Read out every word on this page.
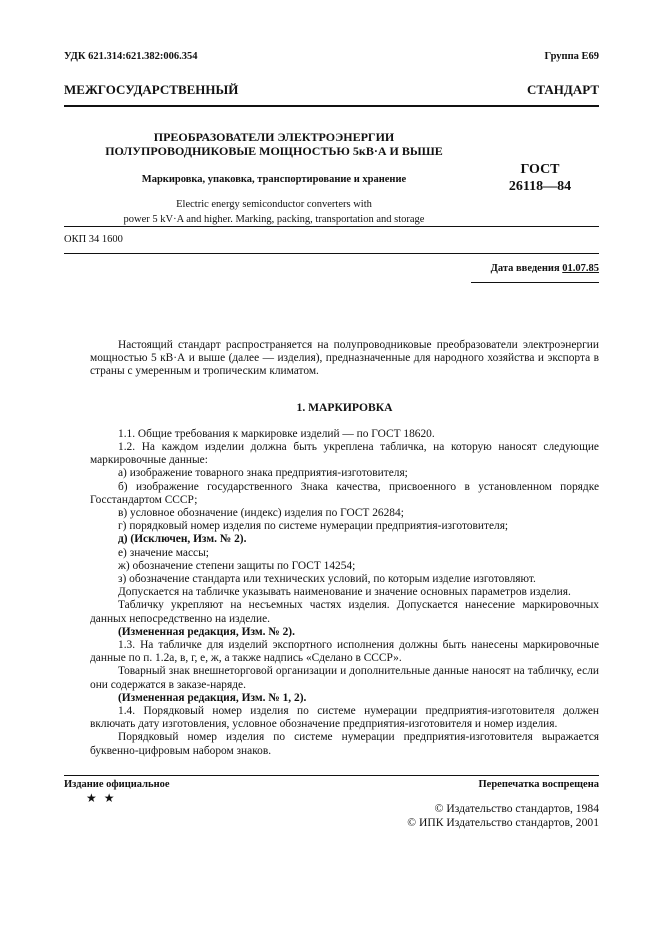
УДК 621.314:621.382:006.354	Группа Е69
МЕЖГОСУДАРСТВЕННЫЙ СТАНДАРТ
ПРЕОБРАЗОВАТЕЛИ ЭЛЕКТРОЭНЕРГИИ
ПОЛУПРОВОДНИКОВЫЕ МОЩНОСТЬЮ 5кВ·А И ВЫШЕ
Маркировка, упаковка, транспортирование и хранение
Electric energy semiconductor converters with
power 5 kV·A and higher. Marking, packing, transportation and storage
ГОСТ
26118—84
ОКП 34 1600
Дата введения 01.07.85

Настоящий стандарт распространяется на полупроводниковые преобразователи электроэнергии мощностью 5 кВ·А и выше (далее — изделия), предназначенные для народного хозяйства и экспорта в страны с умеренным и тропическим климатом.

1. МАРКИРОВКА

1.1. Общие требования к маркировке изделий — по ГОСТ 18620.

1.2. На каждом изделии должна быть укреплена табличка, на которую наносят следующие маркировочные данные:

а) изображение товарного знака предприятия-изготовителя;

б) изображение государственного Знака качества, присвоенного в установленном порядке Госстандартом СССР;

в) условное обозначение (индекс) изделия по ГОСТ 26284;

г) порядковый номер изделия по системе нумерации предприятия-изготовителя;

д) (Исключен, Изм. № 2).

е) значение массы;

ж) обозначение степени защиты по ГОСТ 14254;

з) обозначение стандарта или технических условий, по которым изделие изготовляют.

Допускается на табличке указывать наименование и значение основных параметров изделия.

Табличку укрепляют на несъемных частях изделия. Допускается нанесение маркировочных данных непосредственно на изделие.

(Измененная редакция, Изм. № 2).

1.3. На табличке для изделий экспортного исполнения должны быть нанесены маркировочные данные по п. 1.2а, в, г, е, ж, а также надпись «Сделано в СССР».

Товарный знак внешнеторговой организации и дополнительные данные наносят на табличку, если они содержатся в заказе-наряде.

(Измененная редакция, Изм. № 1, 2).

1.4. Порядковый номер изделия по системе нумерации предприятия-изготовителя должен включать дату изготовления, условное обозначение предприятия-изготовителя и номер изделия.

Порядковый номер изделия по системе нумерации предприятия-изготовителя выражается буквенно-цифровым набором знаков.

Издание официальное	Перепечатка воспрещена
★ ★
© Издательство стандартов, 1984
© ИПК Издательство стандартов, 2001
